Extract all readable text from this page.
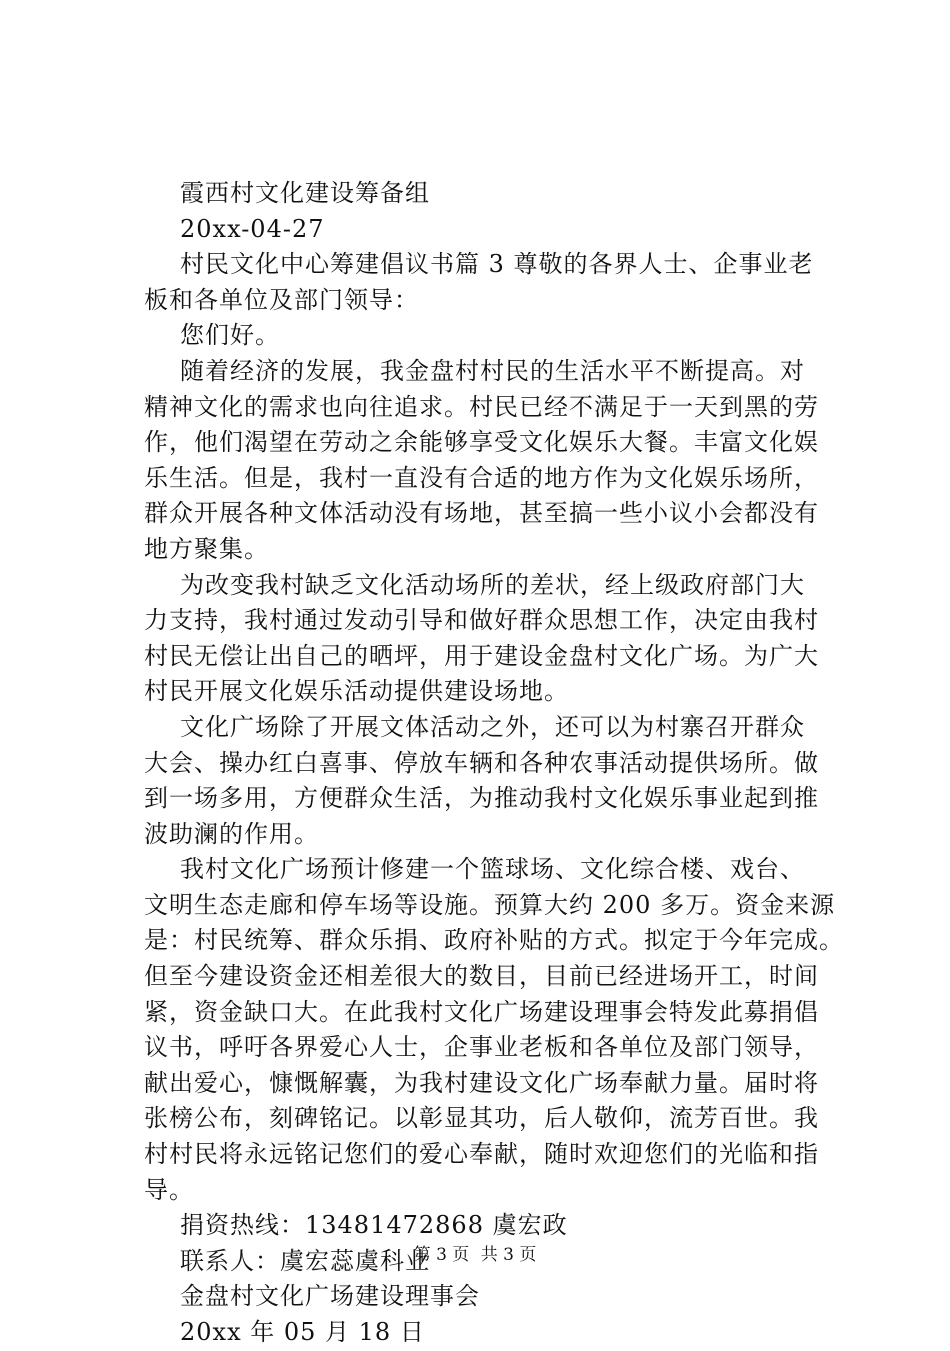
霞西村文化建设筹备组
20xx-04-27
村民文化中心筹建倡议书篇 3 尊敬的各界人士、企事业老
板和各单位及部门领导：
您们好。
随着经济的发展，我金盘村村民的生活水平不断提高。对
精神文化的需求也向往追求。村民已经不满足于一天到黑的劳
作，他们渴望在劳动之余能够享受文化娱乐大餐。丰富文化娱
乐生活。但是，我村一直没有合适的地方作为文化娱乐场所，
群众开展各种文体活动没有场地，甚至搞一些小议小会都没有
地方聚集。
为改变我村缺乏文化活动场所的差状，经上级政府部门大
力支持，我村通过发动引导和做好群众思想工作，决定由我村
村民无偿让出自己的晒坪，用于建设金盘村文化广场。为广大
村民开展文化娱乐活动提供建设场地。
文化广场除了开展文体活动之外，还可以为村寨召开群众
大会、操办红白喜事、停放车辆和各种农事活动提供场所。做
到一场多用，方便群众生活，为推动我村文化娱乐事业起到推
波助澜的作用。
我村文化广场预计修建一个篮球场、文化综合楼、戏台、
文明生态走廊和停车场等设施。预算大约 200 多万。资金来源
是：村民统筹、群众乐捐、政府补贴的方式。拟定于今年完成。
但至今建设资金还相差很大的数目，目前已经进场开工，时间
紧，资金缺口大。在此我村文化广场建设理事会特发此募捐倡
议书，呼吁各界爱心人士，企事业老板和各单位及部门领导，
献出爱心，慷慨解囊，为我村建设文化广场奉献力量。届时将
张榜公布，刻碑铭记。以彰显其功，后人敬仰，流芳百世。我
村村民将永远铭记您们的爱心奉献，随时欢迎您们的光临和指
导。
捐资热线：13481472868 虞宏政
联系人：虞宏蕊虞科业
金盘村文化广场建设理事会
20xx 年 05 月 18 日
第 3 页 共 3 页
